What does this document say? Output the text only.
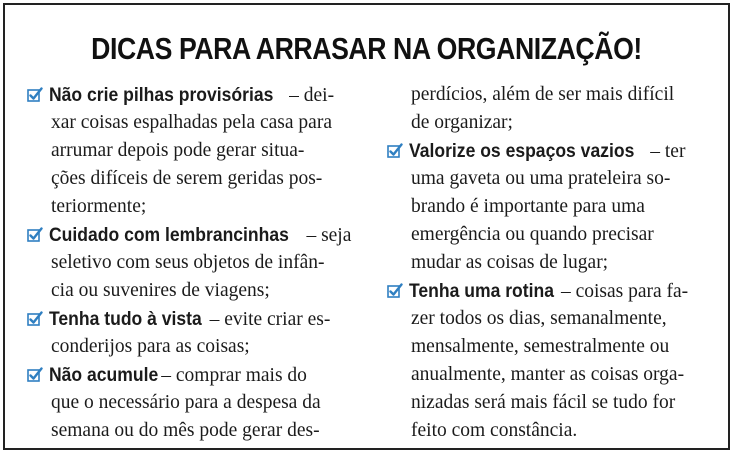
DICAS PARA ARRASAR NA ORGANIZAÇÃO!
Não crie pilhas provisórias – dei-
xar coisas espalhadas pela casa para
arrumar depois pode gerar situa-
ções difíceis de serem geridas pos-
teriormente;
Cuidado com lembrancinhas – seja
seletivo com seus objetos de infân-
cia ou suvenires de viagens;
Tenha tudo à vista – evite criar es-
conderijos para as coisas;
Não acumule – comprar mais do
que o necessário para a despesa da
semana ou do mês pode gerar des-
perdícios, além de ser mais difícil
de organizar;
Valorize os espaços vazios – ter
uma gaveta ou uma prateleira so-
brando é importante para uma
emergência ou quando precisar
mudar as coisas de lugar;
Tenha uma rotina – coisas para fa-
zer todos os dias, semanalmente,
mensalmente, semestralmente ou
anualmente, manter as coisas orga-
nizadas será mais fácil se tudo for
feito com constância.
